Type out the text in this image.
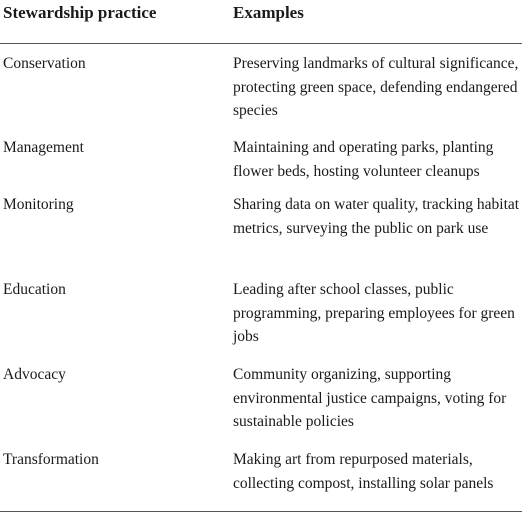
Stewardship practice	Examples
Conservation	Preserving landmarks of cultural significance, protecting green space, defending endangered species
Management	Maintaining and operating parks, planting flower beds, hosting volunteer cleanups
Monitoring	Sharing data on water quality, tracking habitat metrics, surveying the public on park use
Education	Leading after school classes, public programming, preparing employees for green jobs
Advocacy	Community organizing, supporting environmental justice campaigns, voting for sustainable policies
Transformation	Making art from repurposed materials, collecting compost, installing solar panels
